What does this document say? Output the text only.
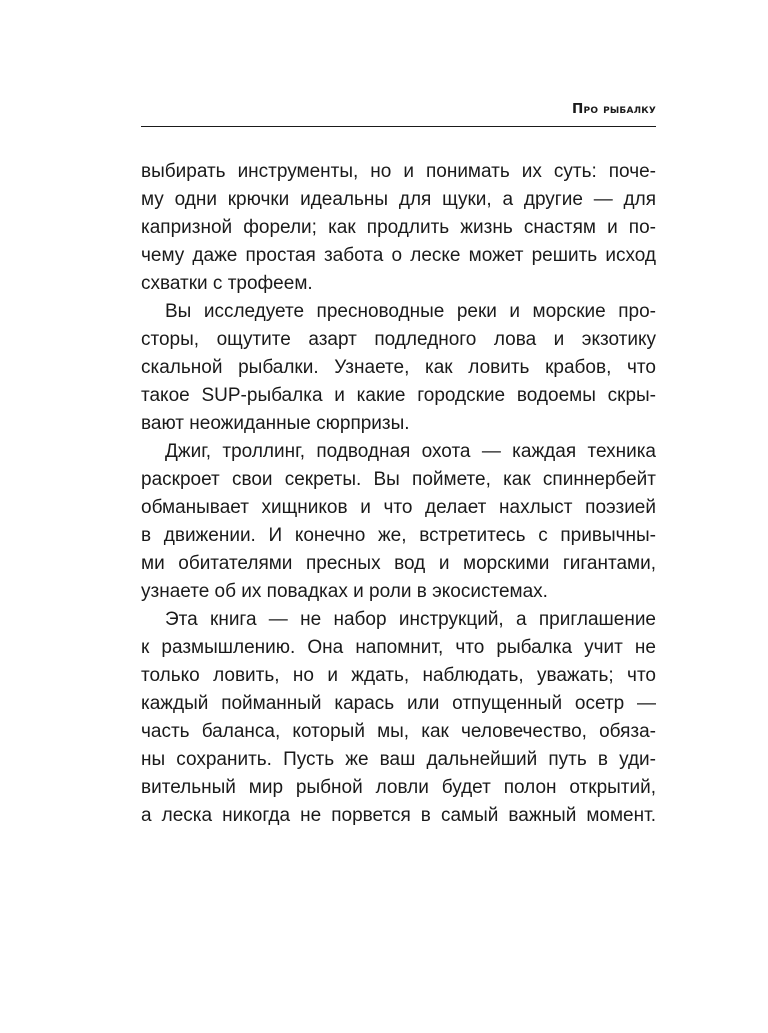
Про рыбалку
выбирать инструменты, но и понимать их суть: поче-
му одни крючки идеальны для щуки, а другие — для
капризной форели; как продлить жизнь снастям и по-
чему даже простая забота о леске может решить исход
схватки с трофеем.
Вы исследуете пресноводные реки и морские про-
сторы, ощутите азарт подледного лова и экзотику
скальной рыбалки. Узнаете, как ловить крабов, что
такое SUP-рыбалка и какие городские водоемы скры-
вают неожиданные сюрпризы.
Джиг, троллинг, подводная охота — каждая техника
раскроет свои секреты. Вы поймете, как спиннербейт
обманывает хищников и что делает нахлыст поэзией
в движении. И конечно же, встретитесь с привычны-
ми обитателями пресных вод и морскими гигантами,
узнаете об их повадках и роли в экосистемах.
Эта книга — не набор инструкций, а приглашение
к размышлению. Она напомнит, что рыбалка учит не
только ловить, но и ждать, наблюдать, уважать; что
каждый пойманный карась или отпущенный осетр —
часть баланса, который мы, как человечество, обяза-
ны сохранить. Пусть же ваш дальнейший путь в уди-
вительный мир рыбной ловли будет полон открытий,
а леска никогда не порвется в самый важный момент.
